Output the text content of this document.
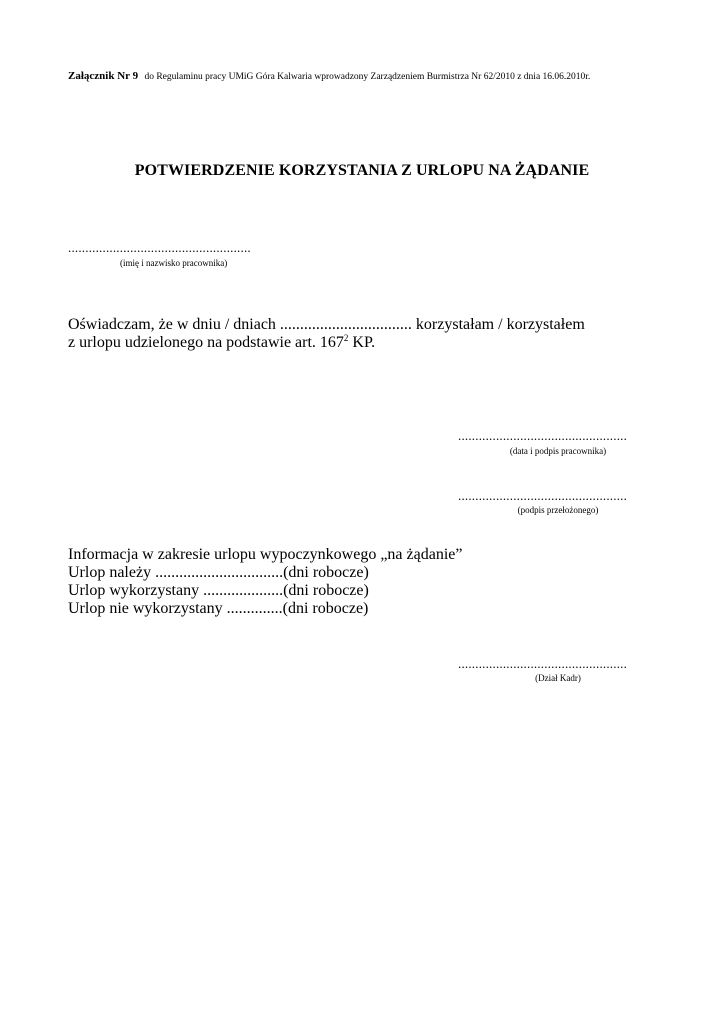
Załącznik Nr 9 do Regulaminu pracy UMiG Góra Kalwaria wprowadzony Zarządzeniem Burmistrza Nr 62/2010 z dnia 16.06.2010r.
POTWIERDZENIE KORZYSTANIA Z URLOPU NA ŻĄDANIE
.....................................................
(imię i nazwisko pracownika)
Oświadczam, że w dniu / dniach ................................. korzystałam / korzystałem
z urlopu udzielonego na podstawie art. $167^2$ KP.
.................................................
(data i podpis pracownika)
.................................................
(podpis przełożonego)
Informacja w zakresie urlopu wypoczynkowego „na żądanie”
Urlop należy ................................(dni robocze)
Urlop wykorzystany ....................(dni robocze)
Urlop nie wykorzystany ..............(dni robocze)
.................................................
(Dział Kadr)
